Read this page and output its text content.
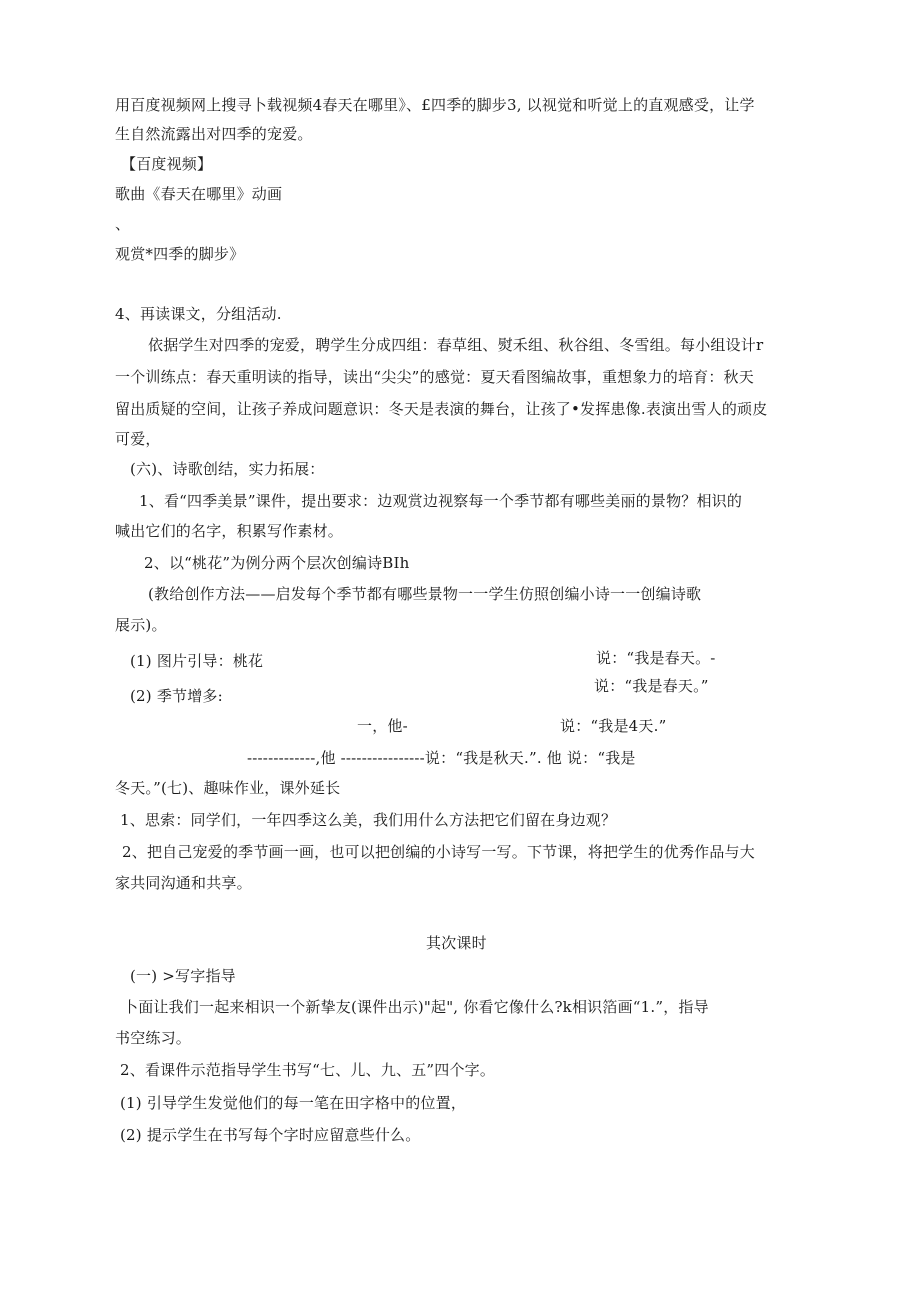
用百度视频网上搜寻卜载视频4春天在哪里》、£四季的脚步3, 以视觉和听觉上的直观感受，让学
生自然流露出对四季的宠爱。
【百度视频】
歌曲《春天在哪里》动画
、
观赏*四季的脚步》
4、再读课文，分组活动.
依据学生对四季的宠爱，聘学生分成四组：春草组、熨禾组、秋谷组、冬雪组。每小组设计r
一个训练点：春天重明读的指导，读出“尖尖”的感觉：夏天看图编故事，重想象力的培育：秋天
留出质疑的空间，让孩子养成问题意识：冬天是表演的舞台，让孩了•发挥患像.表演出雪人的顽皮
可爱，
(六)、诗歌创结，实力拓展：
1、看“四季美景”课件，提出要求：边观赏边视察每一个季节都有哪些美丽的景物？相识的
喊出它们的名字，积累写作素材。
2、以“桃花”为例分两个层次创编诗BIh
(教给创作方法——启发每个季节都有哪些景物一一学生仿照创编小诗一一创编诗歌
展示)。
(1) 图片引导：桃花	说：“我是春天。-
(2) 季节增多:
说：“我是春天。”
一，他-	说：“我是4天.”
-------------,他 ----------------说：“我是秋天.”. 他 说：“我是
冬天。”(七)、趣味作业，课外延长
1、思索：同学们，一年四季这么美，我们用什么方法把它们留在身边观？
2、把自己宠爱的季节画一画，也可以把创编的小诗写一写。下节课，将把学生的优秀作品与大
家共同沟通和共享。
其次课时
(一) >写字指导
卜面让我们一起来相识一个新挚友(课件出示)"起", 你看它像什么?k相识箔画“1.”，指导
书空练习。
2、看课件示范指导学生书写“七、儿、九、五”四个字。
(1) 引导学生发觉他们的每一笔在田字格中的位置，
(2) 提示学生在书写每个字时应留意些什么。
